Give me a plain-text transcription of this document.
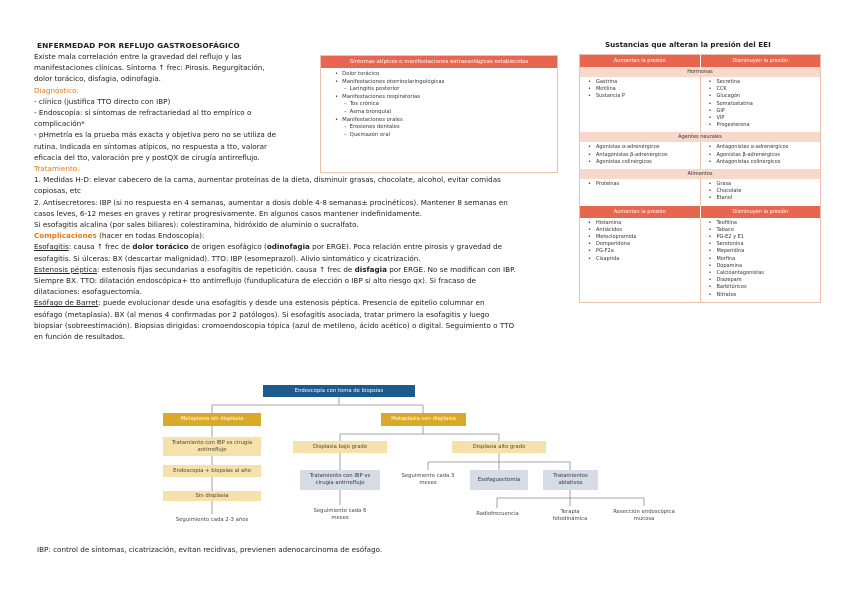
ENFERMEDAD POR REFLUJO GASTROESOFÁGICO
Existe mala correlación entre la gravedad del reflujo y las
manifestaciones clínicas. Síntoma ↑ frec: Pirosis. Regurgitación,
dolor torácico, disfagia, odinofagia.
Diagnóstico:
- clínico (justifica TTO directo con IBP)
- Endoscopia: si síntomas de refractariedad al tto empírico o
complicación*
- pHmetría es la prueba más exacta y objetiva pero no se utiliza de
rutina. Indicada en síntomas atípicos, no respuesta a tto, valorar
eficacia del tto, valoración pre y postQX de cirugía antirreflujo.
Tratamiento:
1. Medidas H-D: elevar cabecero de la cama, aumentar proteínas de la dieta, disminuir grasas, chocolate, alcohol, evitar comidas
copiosas, etc
2. Antisecretores: IBP (si no respuesta en 4 semanas, aumentar a dosis doble 4-8 semanas± procinéticos). Mantener 8 semanas en
casos leves, 6-12 meses en graves y retirar progresivamente. En algunos casos mantener indefinidamente.
Si esofagitis alcalina (por sales biliares): colestiramina, hidróxido de aluminio o sucralfato.
Complicaciones (hacer en todas Endoscopia):
Esofagitis: causa ↑ frec de dolor torácico de origen esofágico (odinofagia por ERGE). Poca relación entre pirosis y gravedad de
esofagitis. Si úlceras: BX (descartar malignidad). TTO: IBP (esomeprazol). Alivio sintomático y cicatrización.
Estenosis péptica: estenosis fijas secundarias a esofagitis de repetición. causa ↑ frec de disfagia por ERGE. No se modifican con IBP.
Siempre BX. TTO: dilatación endoscópica+ tto antirreflujo (funduplicatura de elección o IBP si alto riesgo qx). Si fracaso de
dilataciones: esofaguectomía.
Esófago de Barret: puede evolucionar desde una esofagitis y desde una estenosis péptica. Presencia de epitelio columnar en
esófago (metaplasia). BX (al menos 4 confirmadas por 2 patólogos). Si esofagitis asociada, tratar primero la esofagitis y luego
biopsiar (sobreestimación). Biopsias dirigidas: cromoendoscopia tópica (azul de metileno, ácido acético) o digital. Seguimiento o TTO
en función de resultados.
Síntomas atípicos o manifestaciones extraesofágicas establecidas
• Dolor torácico
• Manifestaciones otorrinolaringológicas
– Laringitis posterior
• Manifestaciones respiratorias
– Tos crónica
– Asma bronquial
• Manifestaciones orales
– Erosiones dentales
– Quemazón oral
Sustancias que alteran la presión del EEI
Aumentan la presión	Disminuyen la presión
Hormonas
• Gastrina
• Motilina
• Sustancia P
• Secretina
• CCK
• Glucagón
• Somatostatina
• GIP
• VIP
• Progesterona
Agentes neurales
• Agonistas α-adrenérgicos
• Antagonistas β-adrenérgicos
• Agonistas colinérgicos
• Antagonistas α-adrenérgicos
• Agonistas β-adrenérgicos
• Antagonistas colinérgicos
Alimentos
• Proteínas
•	Grasa
• Chocolate
• Etanol
Aumentan la presión	Disminuyen la presión
• Histamina
• Antiácidos
• Metoclopramida
• Domperidona
• PG-F2a
• Cisaprida
• Teofilina
• Tabaco
• PG-E2 y E1
• Serotonina
• Meperidina
• Morfina
• Dopamina
• Calcioantagonistas
• Diazepam
• Barbitúricos
• Nitratos
Endoscopia con toma de biopsias
Metaplasia sin displasia	Metaplasia con displasia
Tratamiento con IBP vs cirugía antirreflujo
Endoscopia + biopsias al año
Sin displasia
Seguimiento cada 2-3 años
Displasia bajo grado	Displasia alto grado
Tratamiento con IBP vs cirugía antirreflujo
Seguimiento cada 6 meses
Seguimiento cada 3 meses
Esofaguectomía
Tratamientos ablativos
Radiofrecuencia	Terapia fotodinámica
Resección endoscópica mucosa
IBP: control de síntomas, cicatrización, evitan recidivas, previenen adenocarcinoma de esófago.
